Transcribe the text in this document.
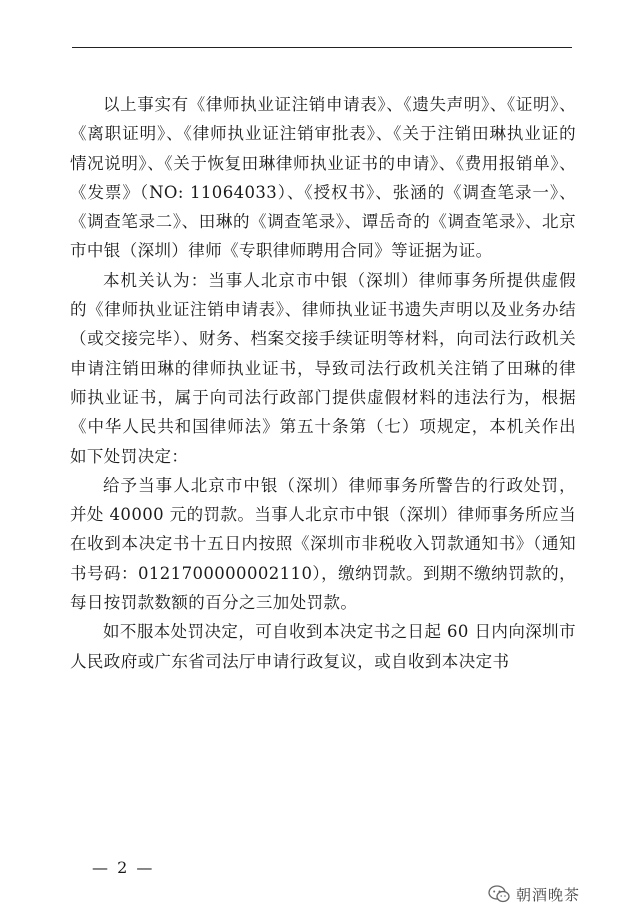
以上事实有《律师执业证注销申请表》、《遗失声明》、《证明》、《离职证明》、《律师执业证注销审批表》、《关于注销田琳执业证的情况说明》、《关于恢复田琳律师执业证书的申请》、《费用报销单》、《发票》（NO: 11064033）、《授权书》、张涵的《调查笔录一》、《调查笔录二》、田琳的《调查笔录》、谭岳奇的《调查笔录》、北京市中银（深圳）律师《专职律师聘用合同》等证据为证。

本机关认为：当事人北京市中银（深圳）律师事务所提供虚假的《律师执业证注销申请表》、律师执业证书遗失声明以及业务办结（或交接完毕）、财务、档案交接手续证明等材料，向司法行政机关申请注销田琳的律师执业证书，导致司法行政机关注销了田琳的律师执业证书，属于向司法行政部门提供虚假材料的违法行为，根据《中华人民共和国律师法》第五十条第（七）项规定，本机关作出如下处罚决定：

给予当事人北京市中银（深圳）律师事务所警告的行政处罚，并处 40000 元的罚款。当事人北京市中银（深圳）律师事务所应当在收到本决定书十五日内按照《深圳市非税收入罚款通知书》（通知书号码：0121700000002110），缴纳罚款。到期不缴纳罚款的，每日按罚款数额的百分之三加处罚款。

如不服本处罚决定，可自收到本决定书之日起 60 日内向深圳市人民政府或广东省司法厅申请行政复议，或自收到本决定书

— 2 —
朝酒晚茶
